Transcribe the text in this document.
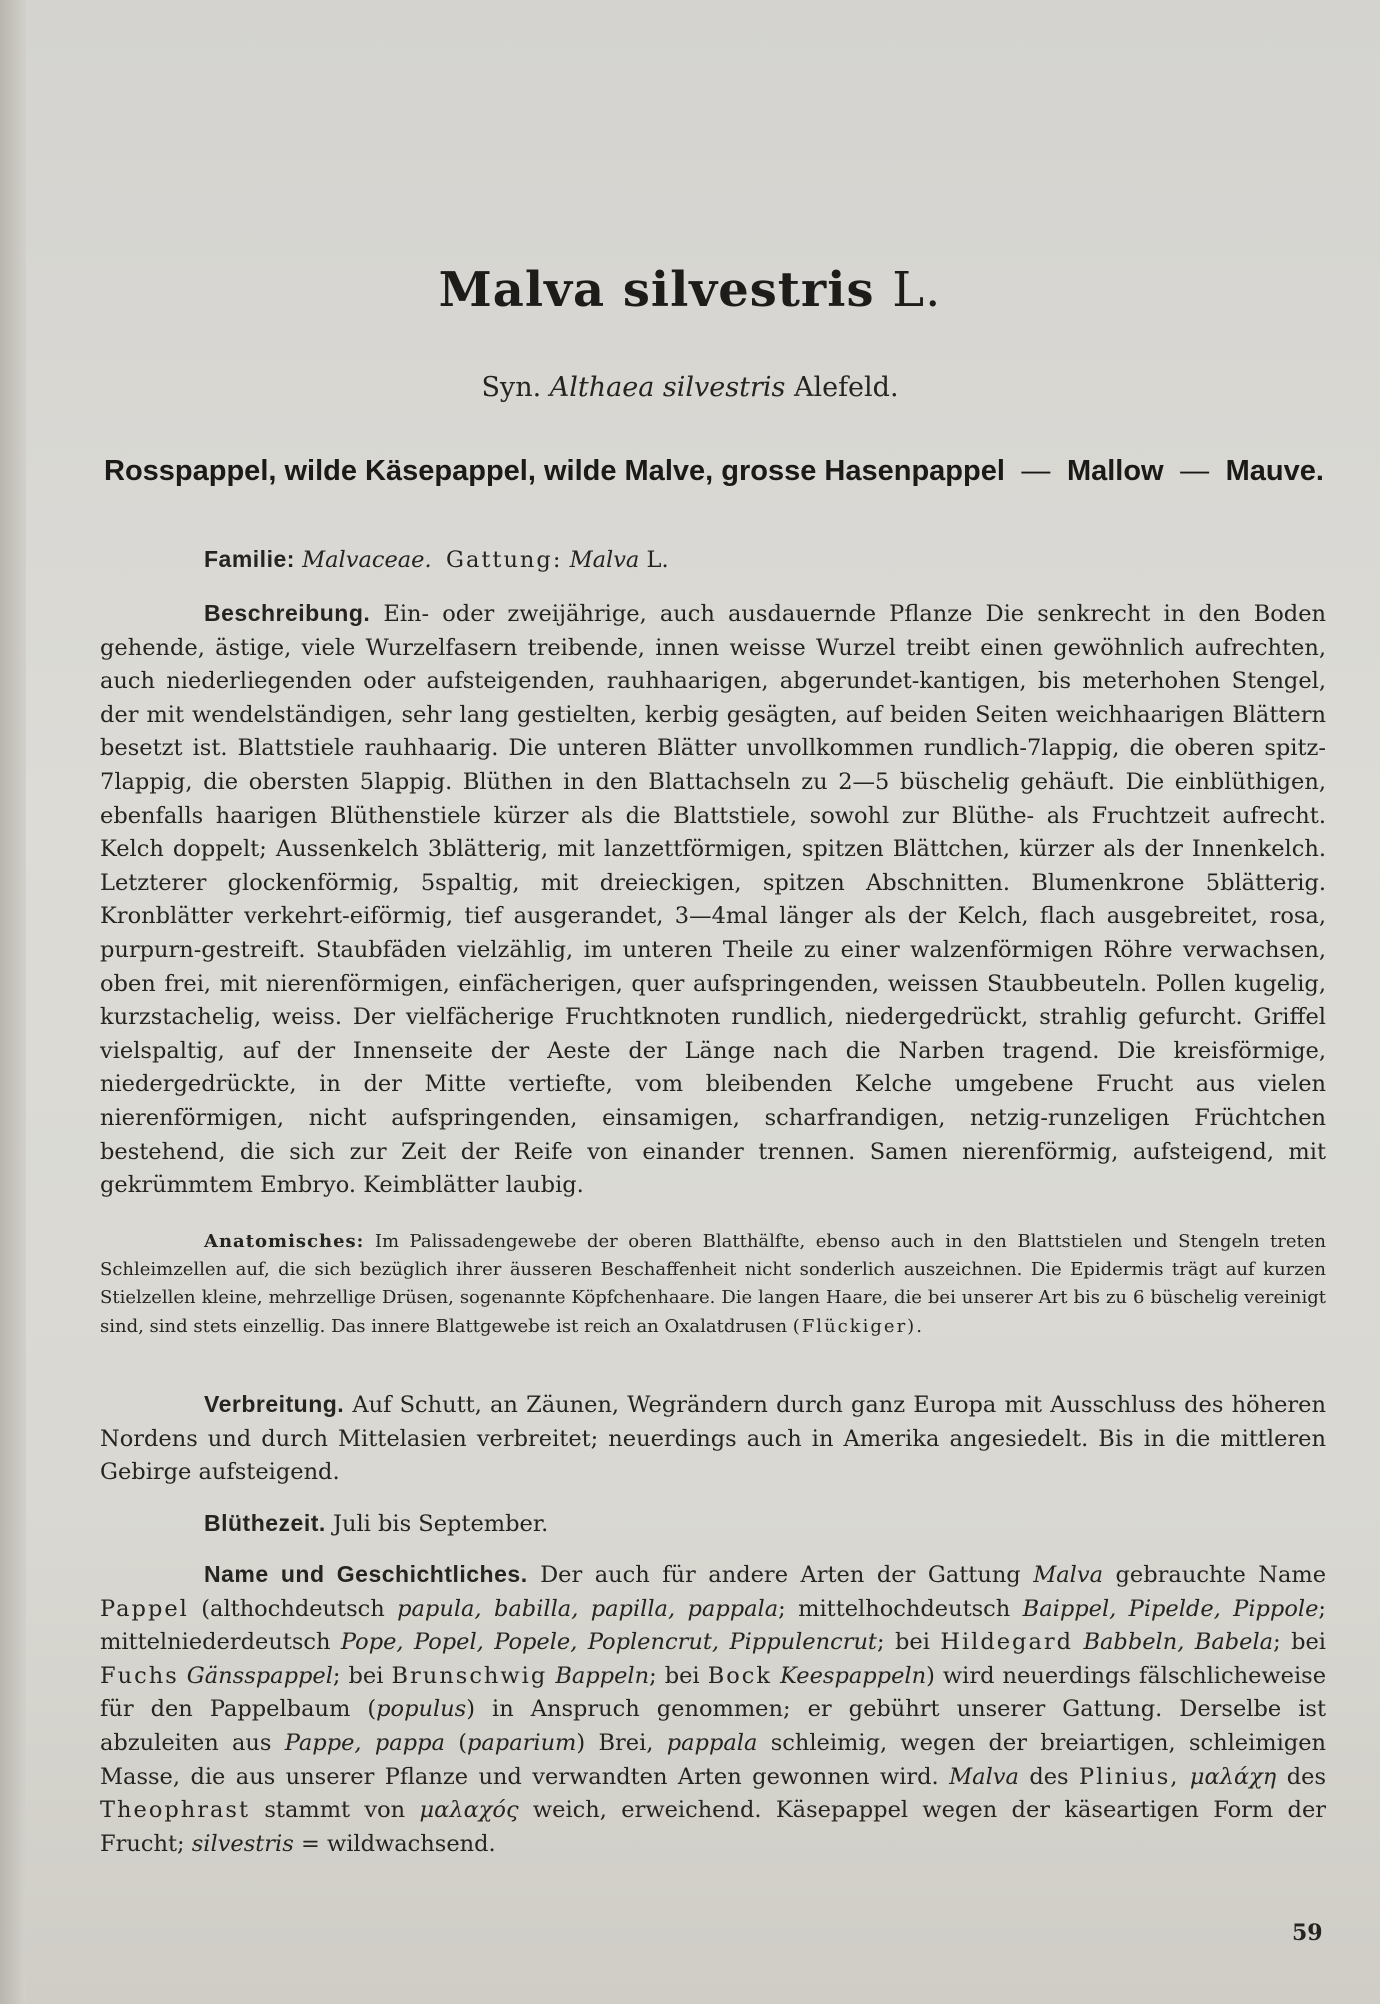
Malva silvestris L.
Syn. Althaea silvestris Alefeld.
Rosspappel, wilde Käsepappel, wilde Malve, grosse Hasenpappel — Mallow — Mauve.

Familie: Malvaceae. Gattung: Malva L.

Beschreibung. Ein- oder zweijährige, auch ausdauernde Pflanze Die senkrecht in den Boden gehende, ästige, viele Wurzelfasern treibende, innen weisse Wurzel treibt einen gewöhnlich aufrechten, auch niederliegenden oder aufsteigenden, rauhhaarigen, abgerundet-kantigen, bis meterhohen Stengel, der mit wendelständigen, sehr lang gestielten, kerbig gesägten, auf beiden Seiten weichhaarigen Blättern besetzt ist. Blattstiele rauhhaarig. Die unteren Blätter unvollkommen rundlich-7lappig, die oberen spitz-7lappig, die obersten 5lappig. Blüthen in den Blattachseln zu 2—5 büschelig gehäuft. Die einblüthigen, ebenfalls haarigen Blüthenstiele kürzer als die Blattstiele, sowohl zur Blüthe- als Fruchtzeit aufrecht. Kelch doppelt; Aussenkelch 3blätterig, mit lanzettförmigen, spitzen Blättchen, kürzer als der Innenkelch. Letzterer glockenförmig, 5spaltig, mit dreieckigen, spitzen Abschnitten. Blumenkrone 5blätterig. Kronblätter verkehrt-eiförmig, tief ausgerandet, 3—4mal länger als der Kelch, flach ausgebreitet, rosa, purpurn-gestreift. Staubfäden vielzählig, im unteren Theile zu einer walzenförmigen Röhre verwachsen, oben frei, mit nierenförmigen, einfächerigen, quer aufspringenden, weissen Staubbeuteln. Pollen kugelig, kurzstachelig, weiss. Der vielfächerige Fruchtknoten rundlich, niedergedrückt, strahlig gefurcht. Griffel vielspaltig, auf der Innenseite der Aeste der Länge nach die Narben tragend. Die kreisförmige, niedergedrückte, in der Mitte vertiefte, vom bleibenden Kelche umgebene Frucht aus vielen nierenförmigen, nicht aufspringenden, einsamigen, scharfrandigen, netzig-runzeligen Früchtchen bestehend, die sich zur Zeit der Reife von einander trennen. Samen nierenförmig, aufsteigend, mit gekrümmtem Embryo. Keimblätter laubig.

Anatomisches: Im Palissadengewebe der oberen Blatthälfte, ebenso auch in den Blattstielen und Stengeln treten Schleimzellen auf, die sich bezüglich ihrer äusseren Beschaffenheit nicht sonderlich auszeichnen. Die Epidermis trägt auf kurzen Stielzellen kleine, mehrzellige Drüsen, sogenannte Köpfchenhaare. Die langen Haare, die bei unserer Art bis zu 6 büschelig vereinigt sind, sind stets einzellig. Das innere Blattgewebe ist reich an Oxalatdrusen (Flückiger).

Verbreitung. Auf Schutt, an Zäunen, Wegrändern durch ganz Europa mit Ausschluss des höheren Nordens und durch Mittelasien verbreitet; neuerdings auch in Amerika angesiedelt. Bis in die mittleren Gebirge aufsteigend.

Blüthezeit. Juli bis September.

Name und Geschichtliches. Der auch für andere Arten der Gattung Malva gebrauchte Name Pappel (althochdeutsch papula, babilla, papilla, pappala; mittelhochdeutsch Baippel, Pipelde, Pippole; mittelniederdeutsch Pope, Popel, Popele, Poplencrut, Pippulencrut; bei Hildegard Babbeln, Babela; bei Fuchs Gänsspappel; bei Brunschwig Bappeln; bei Bock Keespappeln) wird neuerdings fälschlicheweise für den Pappelbaum (populus) in Anspruch genommen; er gebührt unserer Gattung. Derselbe ist abzuleiten aus Pappe, pappa (paparium) Brei, pappala schleimig, wegen der breiartigen, schleimigen Masse, die aus unserer Pflanze und verwandten Arten gewonnen wird. Malva des Plinius, μαλάχη des Theophrast stammt von μαλαχός weich, erweichend. Käsepappel wegen der käseartigen Form der Frucht; silvestris = wildwachsend.

59
